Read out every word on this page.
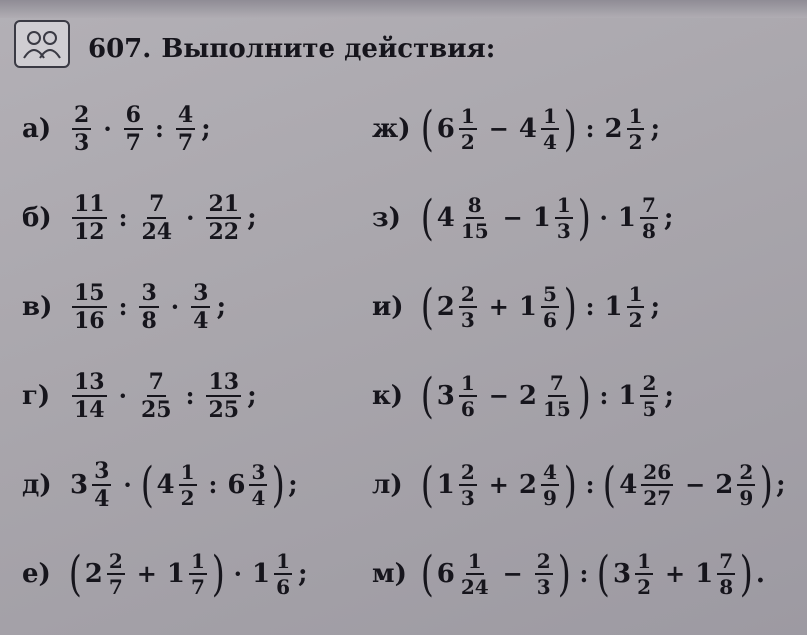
607. Выполните действия:
$а) \frac{2}{3} \cdot \frac{6}{7}$ : $\frac{4}{7}$ ;
$б) \frac{11}{12}$ : $\frac{7}{24} \cdot \frac{21}{22}$ ;
$в) \frac{15}{16}$ : $\frac{3}{8} \cdot \frac{3}{4}$ ;
$г) \frac{13}{14} \cdot \frac{7}{25}$ : $\frac{13}{25}$ ;
д) $3 \frac{3}{4}$ · ( $4 \frac{1}{2}$ : $6 \frac{3}{4}$ ) ;
е) ( $2 \frac{2}{7} + 1 \frac{1}{7}$ ) · $1 \frac{1}{6}$ ;
ж) ( $6 \frac{1}{2} - 4 \frac{1}{4}$ ) : $2 \frac{1}{2}$ ;
з) ( $4 \frac{8}{15} - 1 \frac{1}{3}$ ) · $1 \frac{7}{8}$ ;
и) ( $2 \frac{2}{3} + 1 \frac{5}{6}$ ) : $1 \frac{1}{2}$ ;
к) ( $3 \frac{1}{6} - 2 \frac{7}{15}$ ) : $1 \frac{2}{5}$ ;
л) ( $1 \frac{2}{3} + 2 \frac{4}{9}$ ) : ( $4 \frac{26}{27} - 2 \frac{2}{9}$ ) ;
м) ( $6 \frac{1}{24} - \frac{2}{3}$ ) : ( $3 \frac{1}{2} + 1 \frac{7}{8}$ ) .
